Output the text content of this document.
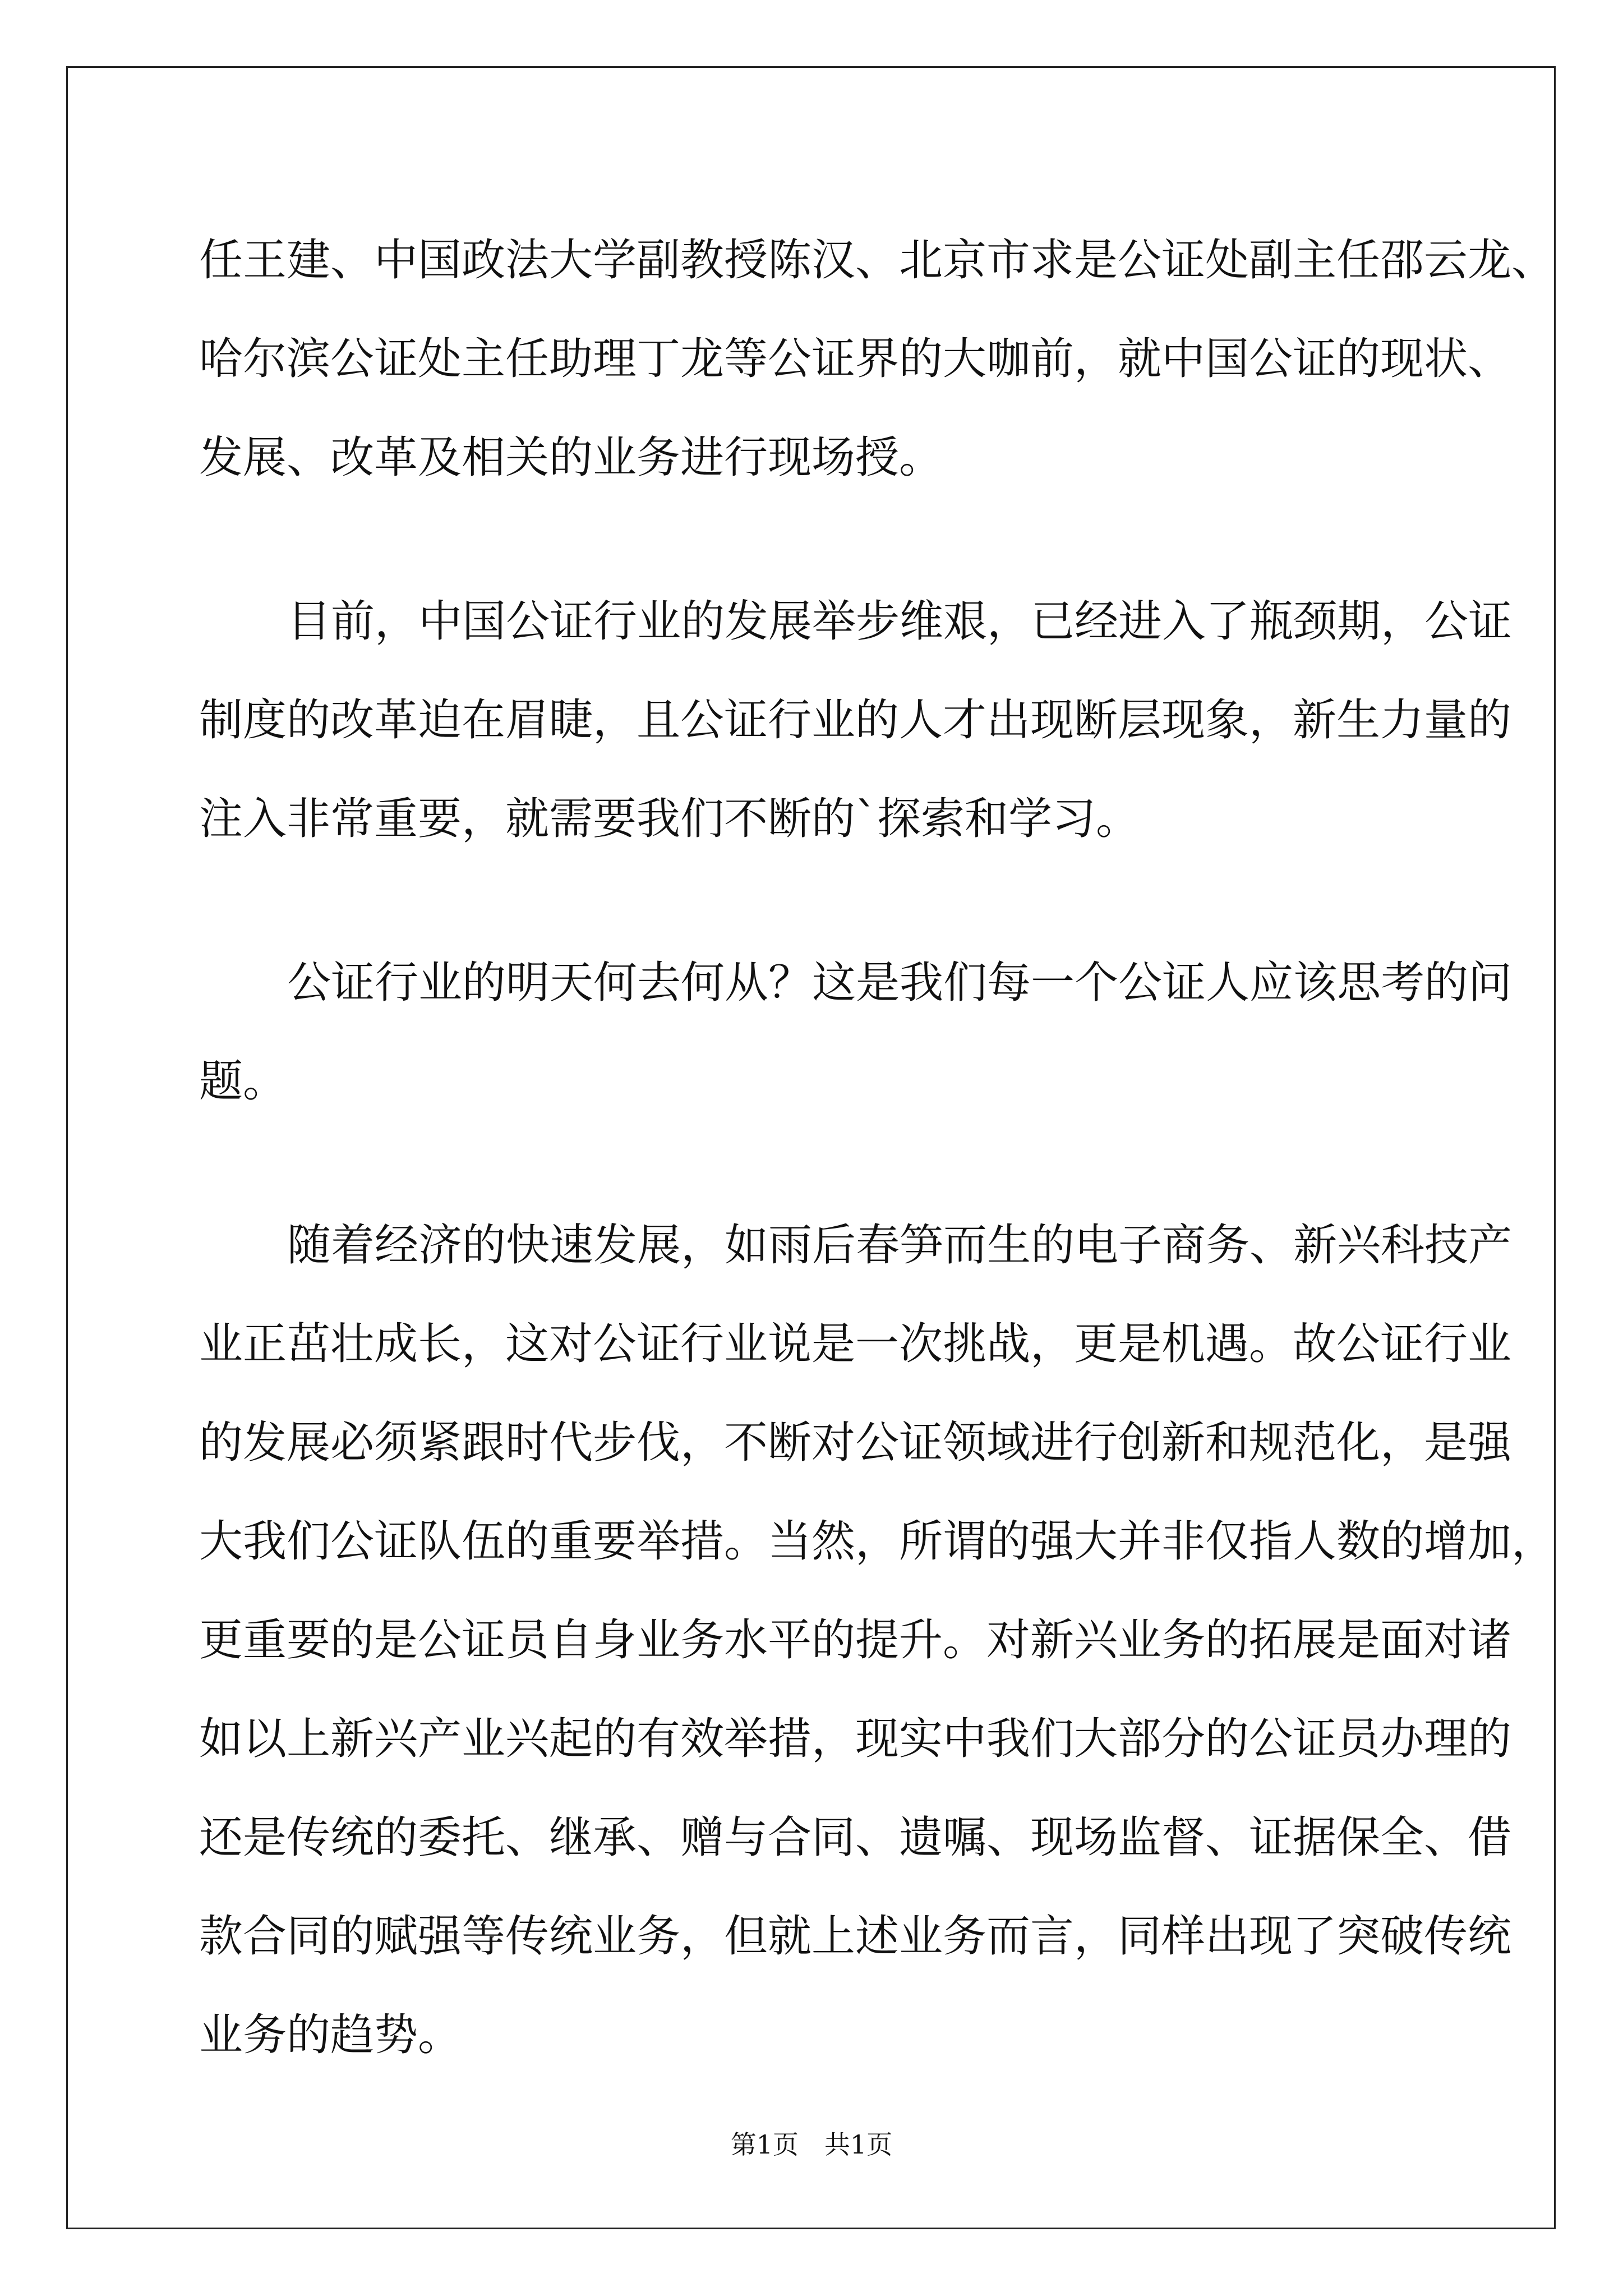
任王建、中国政法大学副教授陈汉、北京市求是公证处副主任邵云龙、
哈尔滨公证处主任助理丁龙等公证界的大咖前，就中国公证的现状、
发展、改革及相关的业务进行现场授。
目前，中国公证行业的发展举步维艰，已经进入了瓶颈期，公证
制度的改革迫在眉睫，且公证行业的人才出现断层现象，新生力量的
注入非常重要，就需要我们不断的`探索和学习。
公证行业的明天何去何从？这是我们每一个公证人应该思考的问
题。
随着经济的快速发展，如雨后春笋而生的电子商务、新兴科技产
业正茁壮成长，这对公证行业说是一次挑战，更是机遇。故公证行业
的发展必须紧跟时代步伐，不断对公证领域进行创新和规范化，是强
大我们公证队伍的重要举措。当然，所谓的强大并非仅指人数的增加，
更重要的是公证员自身业务水平的提升。对新兴业务的拓展是面对诸
如以上新兴产业兴起的有效举措，现实中我们大部分的公证员办理的
还是传统的委托、继承、赠与合同、遗嘱、现场监督、证据保全、借
款合同的赋强等传统业务，但就上述业务而言，同样出现了突破传统
业务的趋势。
第1页　共1页
